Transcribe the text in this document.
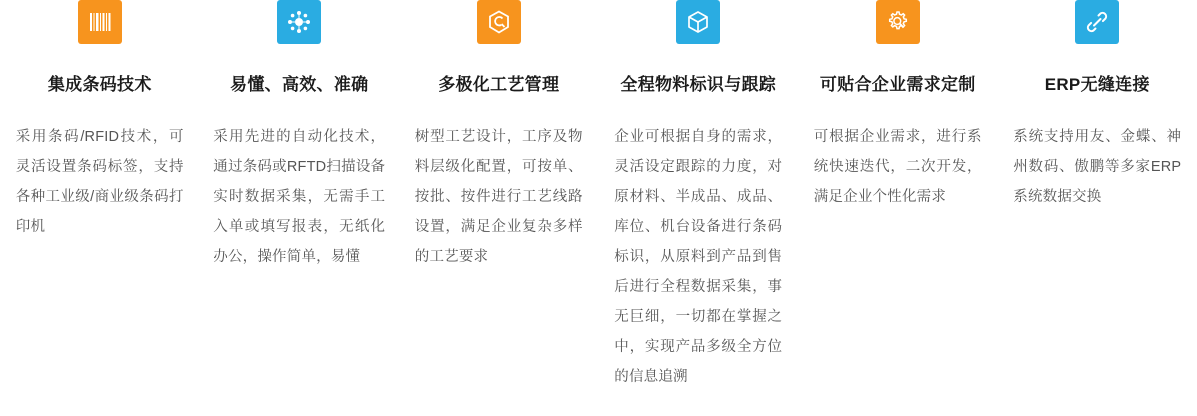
集成条码技术
采用条码/RFID技术，可灵活设置条码标签，支持各种工业级/商业级条码打印机
易懂、高效、准确
采用先进的自动化技术，通过条码或RFTD扫描设备实时数据采集，无需手工入单或填写报表，无纸化办公，操作简单，易懂
多极化工艺管理
树型工艺设计，工序及物料层级化配置，可按单、按批、按件进行工艺线路设置，满足企业复杂多样的工艺要求
全程物料标识与跟踪
企业可根据自身的需求，灵活设定跟踪的力度，对原材料、半成品、成品、库位、机台设备进行条码标识，从原料到产品到售后进行全程数据采集，事无巨细，一切都在掌握之中，实现产品多级全方位的信息追溯
可贴合企业需求定制
可根据企业需求，进行系统快速迭代，二次开发，满足企业个性化需求
ERP无缝连接
系统支持用友、金蝶、神州数码、傲鹏等多家ERP系统数据交换
